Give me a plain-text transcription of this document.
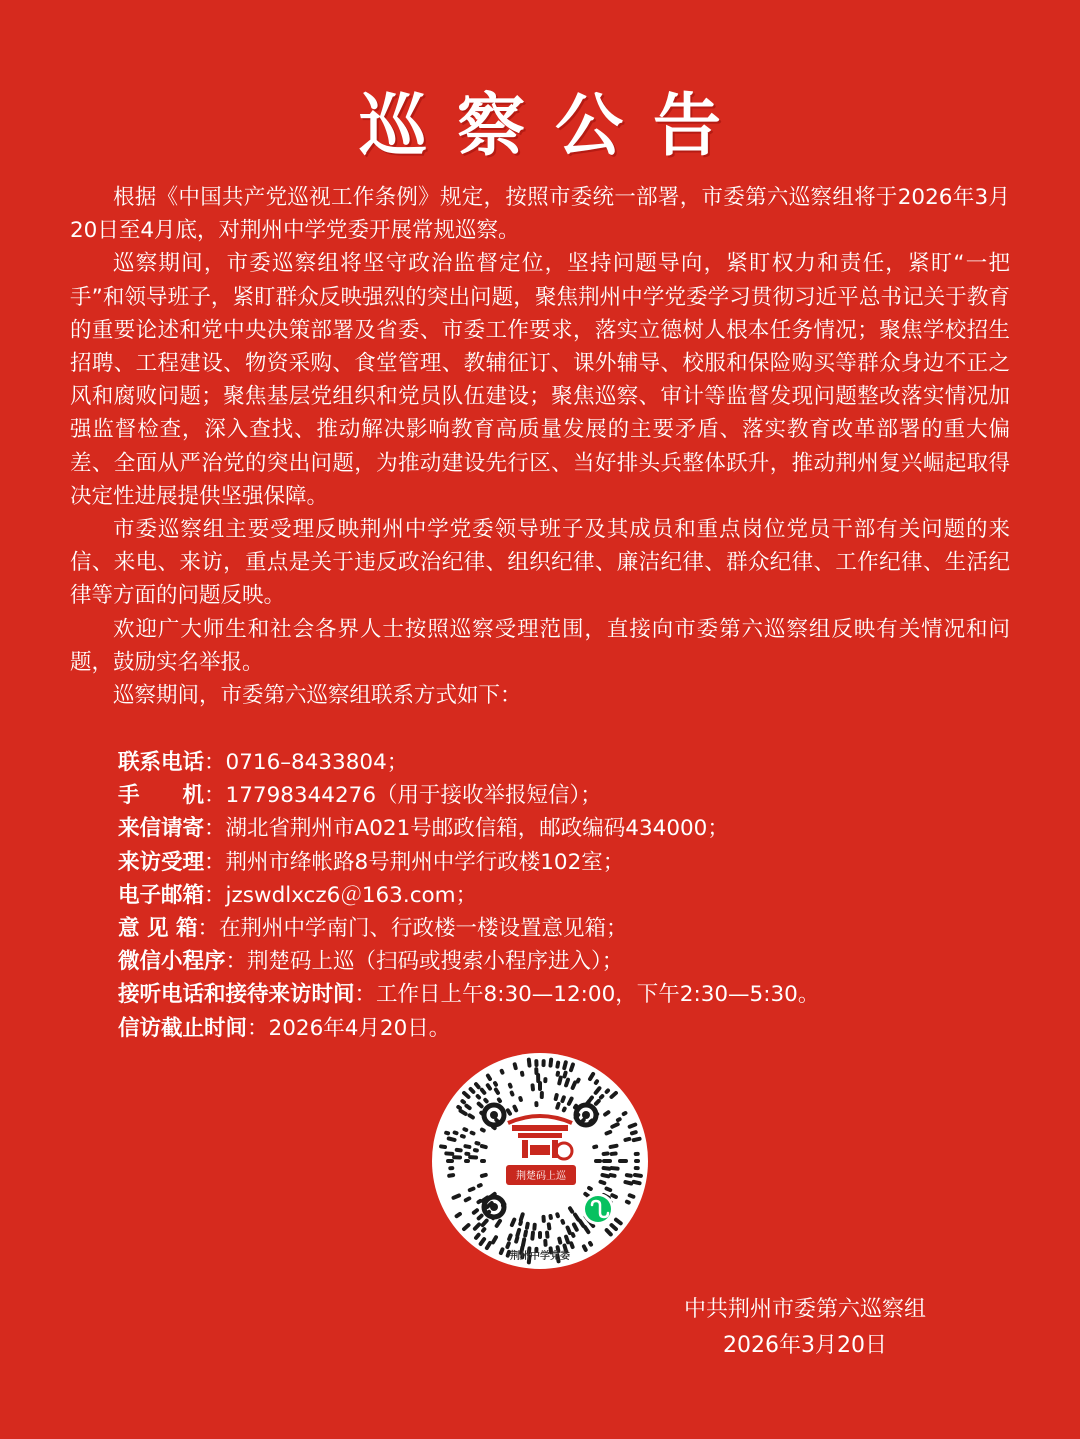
巡察公告

根据《中国共产党巡视工作条例》规定，按照市委统一部署，市委第六巡察组将于2026年3月20日至4月底，对荆州中学党委开展常规巡察。

巡察期间，市委巡察组将坚守政治监督定位，坚持问题导向，紧盯权力和责任，紧盯“一把手”和领导班子，紧盯群众反映强烈的突出问题，聚焦荆州中学党委学习贯彻习近平总书记关于教育的重要论述和党中央决策部署及省委、市委工作要求，落实立德树人根本任务情况；聚焦学校招生招聘、工程建设、物资采购、食堂管理、教辅征订、课外辅导、校服和保险购买等群众身边不正之风和腐败问题；聚焦基层党组织和党员队伍建设；聚焦巡察、审计等监督发现问题整改落实情况加强监督检查，深入查找、推动解决影响教育高质量发展的主要矛盾、落实教育改革部署的重大偏差、全面从严治党的突出问题，为推动建设先行区、当好排头兵整体跃升，推动荆州复兴崛起取得决定性进展提供坚强保障。

市委巡察组主要受理反映荆州中学党委领导班子及其成员和重点岗位党员干部有关问题的来信、来电、来访，重点是关于违反政治纪律、组织纪律、廉洁纪律、群众纪律、工作纪律、生活纪律等方面的问题反映。

欢迎广大师生和社会各界人士按照巡察受理范围，直接向市委第六巡察组反映有关情况和问题，鼓励实名举报。

巡察期间，市委第六巡察组联系方式如下：

联系电话：0716–8433804；
手　　机：17798344276（用于接收举报短信）；
来信请寄：湖北省荆州市A021号邮政信箱，邮政编码434000；
来访受理：荆州市绛帐路8号荆州中学行政楼102室；
电子邮箱：jzswdlxcz6＠163.com；
意 见 箱：在荆州中学南门、行政楼一楼设置意见箱；
微信小程序：荆楚码上巡（扫码或搜索小程序进入）；
接听电话和接待来访时间：工作日上午8:30—12:00，下午2:30—5:30。
信访截止时间：2026年4月20日。
荆楚码上巡
荆州中学党委
中共荆州市委第六巡察组
2026年3月20日
